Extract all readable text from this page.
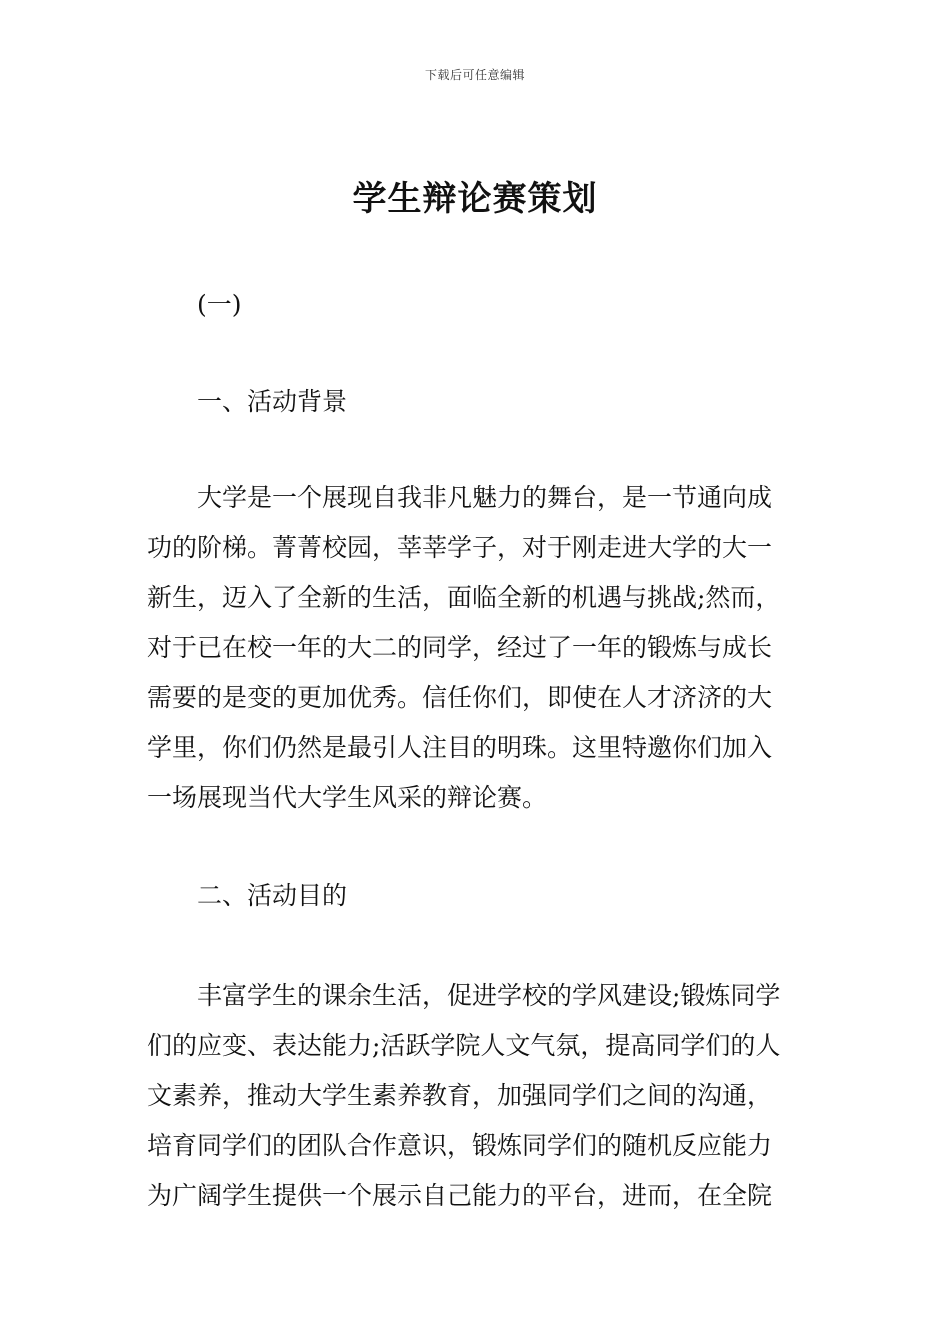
下载后可任意编辑
学生辩论赛策划

(一)

一、活动背景

大学是一个展现自我非凡魅力的舞台，是一节通向成

功的阶梯。菁菁校园，莘莘学子，对于刚走进大学的大一

新生，迈入了全新的生活，面临全新的机遇与挑战;然而，

对于已在校一年的大二的同学，经过了一年的锻炼与成长

需要的是变的更加优秀。信任你们，即使在人才济济的大

学里，你们仍然是最引人注目的明珠。这里特邀你们加入

一场展现当代大学生风采的辩论赛。

二、活动目的

丰富学生的课余生活，促进学校的学风建设;锻炼同学

们的应变、表达能力;活跃学院人文气氛，提高同学们的人

文素养，推动大学生素养教育，加强同学们之间的沟通，

培育同学们的团队合作意识，锻炼同学们的随机反应能力

为广阔学生提供一个展示自己能力的平台，进而，在全院
